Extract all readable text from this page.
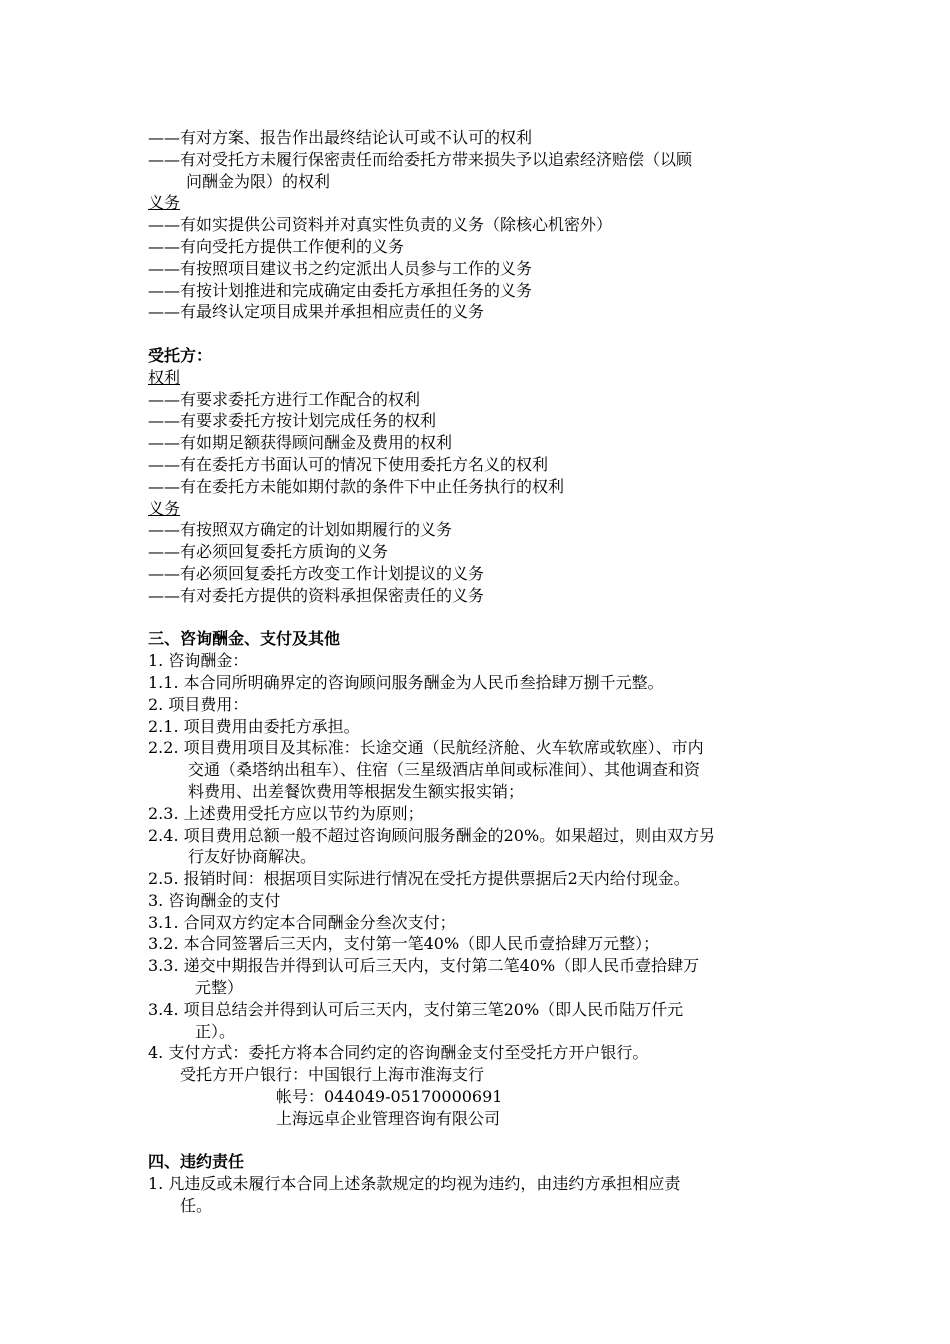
——有对方案、报告作出最终结论认可或不认可的权利
——有对受托方未履行保密责任而给委托方带来损失予以追索经济赔偿（以顾
问酬金为限）的权利
义务
——有如实提供公司资料并对真实性负责的义务（除核心机密外）
——有向受托方提供工作便利的义务
——有按照项目建议书之约定派出人员参与工作的义务
——有按计划推进和完成确定由委托方承担任务的义务
——有最终认定项目成果并承担相应责任的义务
受托方：
权利
——有要求委托方进行工作配合的权利
——有要求委托方按计划完成任务的权利
——有如期足额获得顾问酬金及费用的权利
——有在委托方书面认可的情况下使用委托方名义的权利
——有在委托方未能如期付款的条件下中止任务执行的权利
义务
——有按照双方确定的计划如期履行的义务
——有必须回复委托方质询的义务
——有必须回复委托方改变工作计划提议的义务
——有对委托方提供的资料承担保密责任的义务
三、咨询酬金、支付及其他
1. 咨询酬金：
1.1. 本合同所明确界定的咨询顾问服务酬金为人民币叁拾肆万捌千元整。
2. 项目费用：
2.1. 项目费用由委托方承担。
2.2. 项目费用项目及其标准：长途交通（民航经济舱、火车软席或软座）、市内
交通（桑塔纳出租车）、住宿（三星级酒店单间或标准间）、其他调查和资
料费用、出差餐饮费用等根据发生额实报实销；
2.3. 上述费用受托方应以节约为原则；
2.4. 项目费用总额一般不超过咨询顾问服务酬金的20%。如果超过，则由双方另
行友好协商解决。
2.5. 报销时间：根据项目实际进行情况在受托方提供票据后2天内给付现金。
3. 咨询酬金的支付
3.1. 合同双方约定本合同酬金分叁次支付；
3.2. 本合同签署后三天内，支付第一笔40%（即人民币壹拾肆万元整）；
3.3. 递交中期报告并得到认可后三天内，支付第二笔40%（即人民币壹拾肆万
元整）
3.4. 项目总结会并得到认可后三天内，支付第三笔20%（即人民币陆万仟元
正）。
4. 支付方式：委托方将本合同约定的咨询酬金支付至受托方开户银行。
受托方开户银行：中国银行上海市淮海支行
帐号：044049-05170000691
上海远卓企业管理咨询有限公司
四、违约责任
1. 凡违反或未履行本合同上述条款规定的均视为违约，由违约方承担相应责
任。
